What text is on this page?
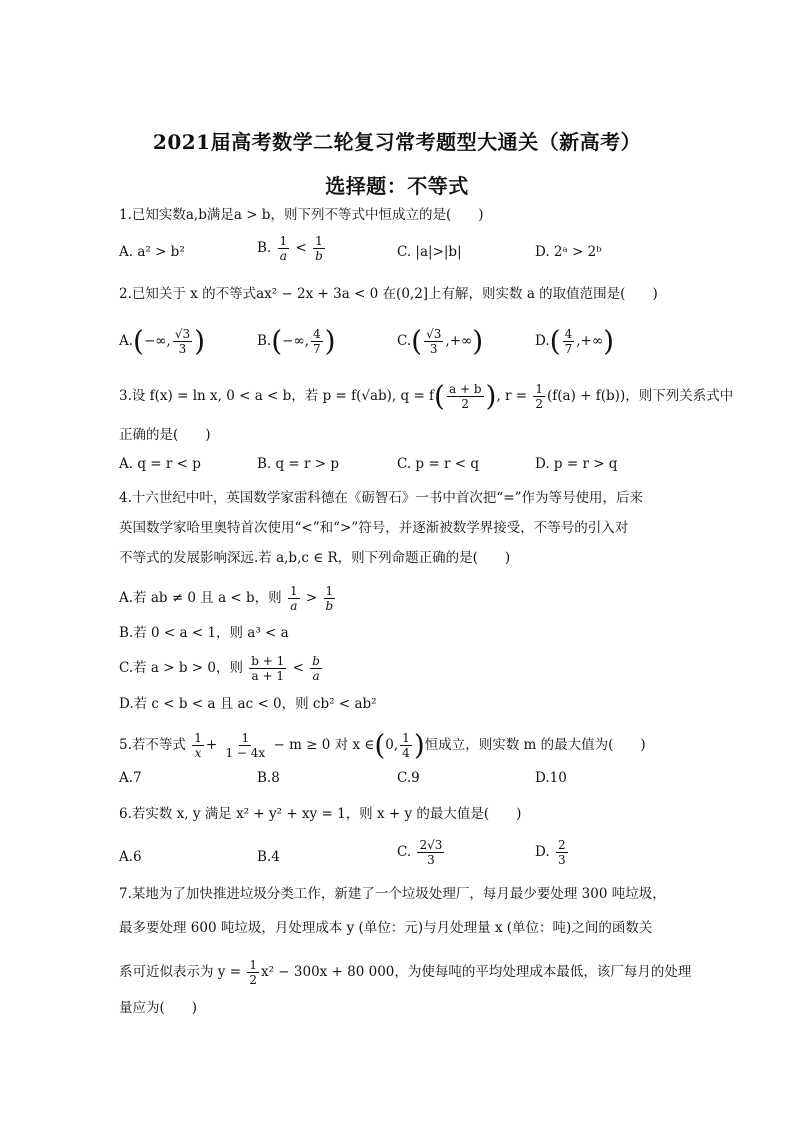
2021届高考数学二轮复习常考题型大通关（新高考）
选择题：不等式
1.已知实数a,b满足a > b，则下列不等式中恒成立的是(　　)
A. a² > b²	B. $\frac{1}{a} < \frac{1}{b}$	C. |a|>|b|	D. 2ᵃ > 2ᵇ
2.已知关于 x 的不等式ax² − 2x + 3a < 0 在(0,2]上有解，则实数 a 的取值范围是(　　)
A.(−∞, $\frac{√3}{3}$ )	B.(−∞, $\frac{4}{7}$ )	$C.( \frac{√3}{3}$ ,+∞)	$D.( \frac{4}{7}$ ,+∞)
3.设 f(x) = ln x, 0 < a < b，若 p = f(√ab), $q = f( \frac{a + b}{2}$ ), $r = \frac{1}{2} (f(a) + f(b))$，则下列关系式中
正确的是(　　)
A. q = r < p	B. q = r > p	C. p = r < q	D. p = r > q
4.十六世纪中叶，英国数学家雷科德在《砺智石》一书中首次把“=”作为等号使用，后来
英国数学家哈里奥特首次使用“<”和“>”符号，并逐渐被数学界接受，不等号的引入对
不等式的发展影响深远.若 a,b,c ∈ R，则下列命题正确的是(　　)
A.若 ab ≠ 0 且 a < b，则 $\frac{1}{a} > \frac{1}{b}$
B.若 0 < a < 1，则 a³ < a
C.若 a > b > 0，则 $\frac{b + 1}{a + 1} < \frac{b}{a}$
D.若 c < b < a 且 ac < 0，则 cb² < ab²
5.若不等式 $\frac{1}{x} + \frac{1}{1 - 4x} - m \ge 0$ 对 x ∈(0, $\frac{1}{4}$ )恒成立，则实数 m 的最大值为(　　)
A.7	B.8	C.9	D.10
6.若实数 x, y 满足 x² + y² + xy = 1，则 x + y 的最大值是(　　)
A.6	B.4	C. $\frac{2√3}{3}$	D. $\frac{2}{3}$
7.某地为了加快推进垃圾分类工作，新建了一个垃圾处理厂，每月最少要处理 300 吨垃圾，
最多要处理 600 吨垃圾，月处理成本 y (单位：元)与月处理量 x (单位：吨)之间的函数关
系可近似表示为 $y = \frac{1}{2} x^2 - 300x + 80$ 000，为使每吨的平均处理成本最低，该厂每月的处理
量应为(　　)
